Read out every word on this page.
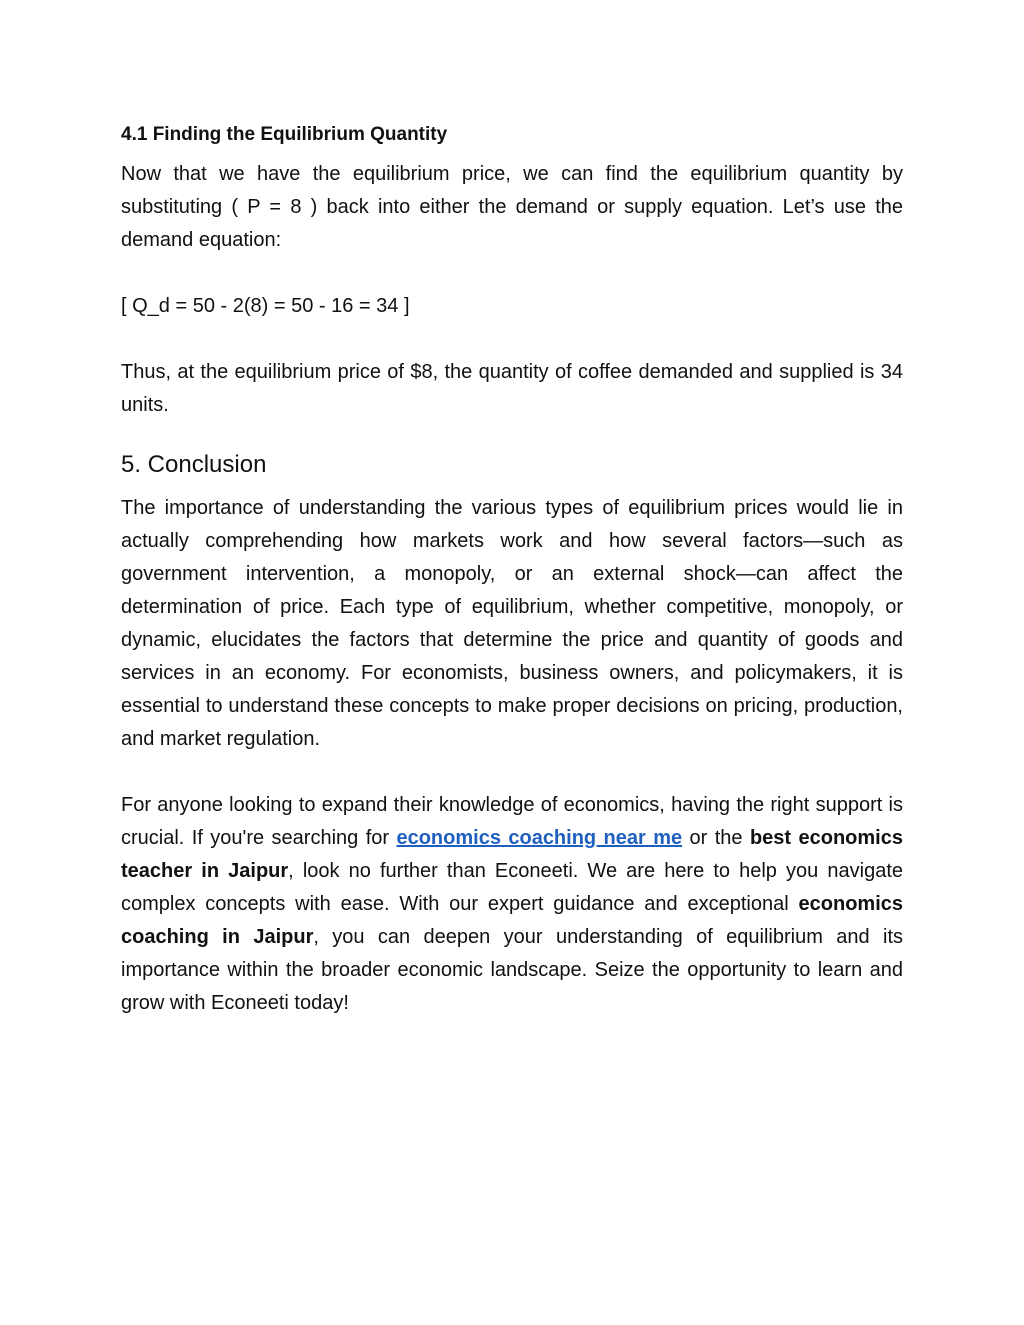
4.1 Finding the Equilibrium Quantity

Now that we have the equilibrium price, we can find the equilibrium quantity by substituting ( P = 8 ) back into either the demand or supply equation. Let’s use the demand equation:

[ Q_d = 50 - 2(8) = 50 - 16 = 34 ]

Thus, at the equilibrium price of $8, the quantity of coffee demanded and supplied is 34 units.

5. Conclusion

The importance of understanding the various types of equilibrium prices would lie in actually comprehending how markets work and how several factors—such as government intervention, a monopoly, or an external shock—can affect the determination of price. Each type of equilibrium, whether competitive, monopoly, or dynamic, elucidates the factors that determine the price and quantity of goods and services in an economy. For economists, business owners, and policymakers, it is essential to understand these concepts to make proper decisions on pricing, production, and market regulation.

For anyone looking to expand their knowledge of economics, having the right support is crucial. If you're searching for economics coaching near me or the best economics teacher in Jaipur, look no further than Econeeti. We are here to help you navigate complex concepts with ease. With our expert guidance and exceptional economics coaching in Jaipur, you can deepen your understanding of equilibrium and its importance within the broader economic landscape. Seize the opportunity to learn and grow with Econeeti today!
